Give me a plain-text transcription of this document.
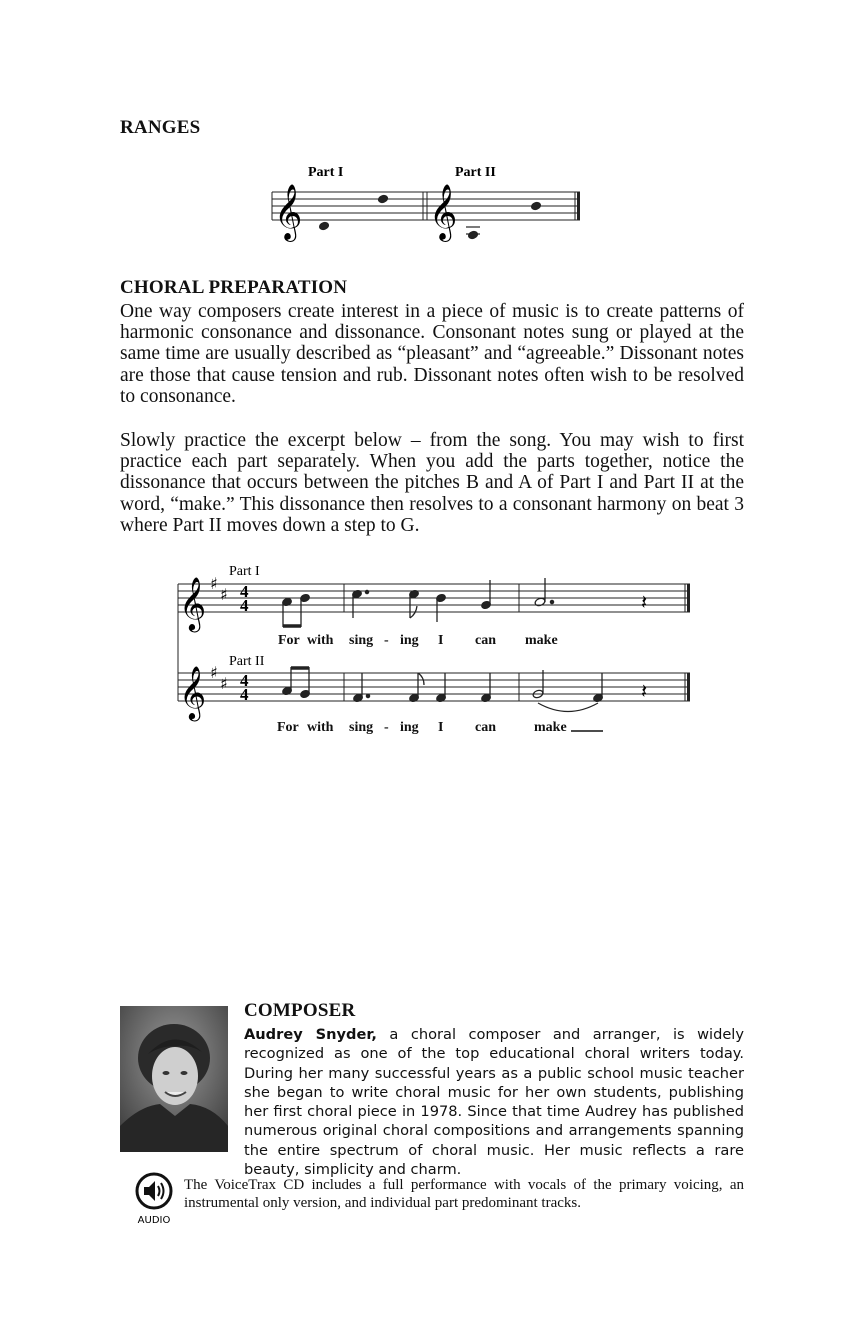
RANGES
Part I	Part II
𝄞	𝄞
CHORAL PREPARATION

One way composers create interest in a piece of music is to create patterns of harmonic consonance and dissonance. Consonant notes sung or played at the same time are usually described as “pleasant” and “agreeable.” Dissonant notes are those that cause tension and rub. Dissonant notes often wish to be resolved to consonance.

Slowly practice the excerpt below – from the song. You may wish to first practice each part separately. When you add the parts together, notice the dissonance that occurs between the pitches B and A of Part I and Part II at the word, “make.” This dissonance then resolves to a consonant harmony on beat 3 where Part II moves down a step to G.

Part I
𝄞 ♯
♯ 4
4	𝄽
For with sing - ing I can make
Part II
𝄞 ♯
♯ 4
4	𝄽
For with sing - ing I can	make
COMPOSER

Audrey Snyder, a choral composer and arranger, is widely recognized as one of the top educational choral writers today. During her many successful years as a public school music teacher she began to write choral music for her own students, publishing her first choral piece in 1978. Since that time Audrey has published numerous original choral compositions and arrangements spanning the entire spectrum of choral music. Her music reflects a rare beauty, simplicity and charm.

AUDIO

The VoiceTrax CD includes a full performance with vocals of the primary voicing, an instrumental only version, and individual part predominant tracks.
